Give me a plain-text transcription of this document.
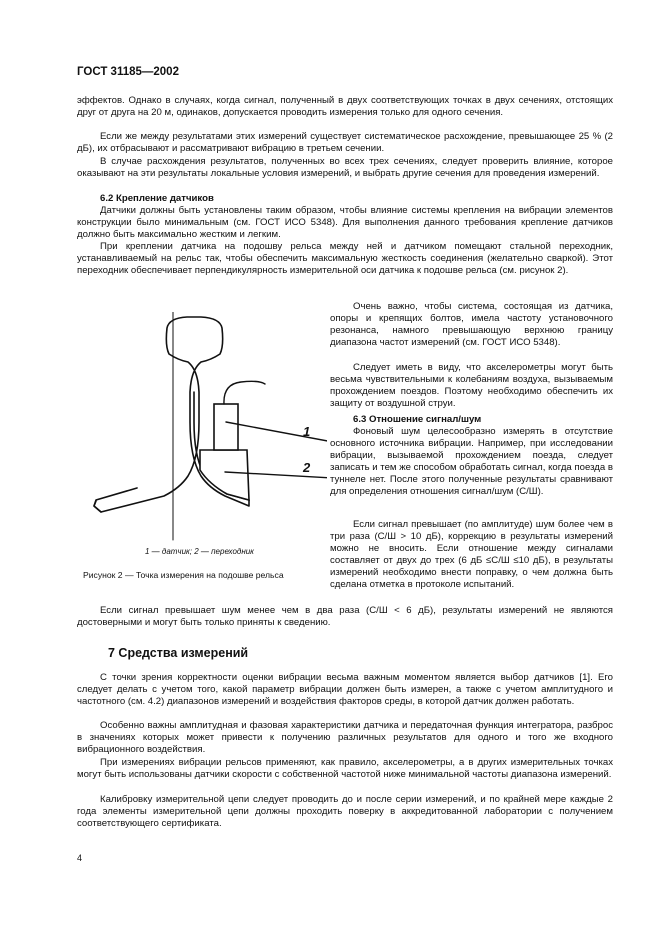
ГОСТ 31185—2002

эффектов. Однако в случаях, когда сигнал, полученный в двух соответствующих точках в двух сечениях, отстоящих друг от друга на 20 м, одинаков, допускается проводить измерения только для одного сечения.

Если же между результатами этих измерений существует систематическое расхождение, превышающее 25 % (2 дБ), их отбрасывают и рассматривают вибрацию в третьем сечении.

В случае расхождения результатов, полученных во всех трех сечениях, следует проверить влияние, которое оказывают на эти результаты локальные условия измерений, и выбрать другие сечения для проведения измерений.

6.2 Крепление датчиков

Датчики должны быть установлены таким образом, чтобы влияние системы крепления на вибрации элементов конструкции было минимальным (см. ГОСТ ИСО 5348). Для выполнения данного требования крепление датчиков должно быть максимально жестким и легким.

При креплении датчика на подошву рельса между ней и датчиком помещают стальной переходник, устанавливаемый на рельс так, чтобы обеспечить максимальную жесткость соединения (желательно сваркой). Этот переходник обеспечивает перпендикулярность измерительной оси датчика к подошве рельса (см. рисунок 2).

Очень важно, чтобы система, состоящая из датчика, опоры и крепящих болтов, имела частоту установочного резонанса, намного превышающую верхнюю границу диапазона частот измерений (см. ГОСТ ИСО 5348).

Следует иметь в виду, что акселерометры могут быть весьма чувствительными к колебаниям воздуха, вызываемым прохождением поездов. Поэтому необходимо обеспечить их защиту от воздушной струи.

6.3 Отношение сигнал/шум

Фоновый шум целесообразно измерять в отсутствие основного источника вибрации. Например, при исследовании вибрации, вызываемой прохождением поезда, следует записать и тем же способом обработать сигнал, когда поезда в туннеле нет. После этого полученные результаты сравнивают для определения отношения сигнал/шум (С/Ш).

Если сигнал превышает (по амплитуде) шум более чем в три раза (С/Ш > 10 дБ), коррекцию в результаты измерений можно не вносить. Если отношение между сигналами составляет от двух до трех (6 дБ ≤С/Ш ≤10 дБ), в результаты измерений необходимо внести поправку, о чем должна быть сделана отметка в протоколе испытаний.

Если сигнал превышает шум менее чем в два раза (С/Ш < 6 дБ), результаты измерений не являются достоверными и могут быть только приняты к сведению.

1
2
1 — датчик; 2 — переходник
Рисунок 2 — Точка измерения на подошве рельса
7 Средства измерений

С точки зрения корректности оценки вибрации весьма важным моментом является выбор датчиков [1]. Его следует делать с учетом того, какой параметр вибрации должен быть измерен, а также с учетом амплитудного и частотного (см. 4.2) диапазонов измерений и воздействия факторов среды, в которой датчик должен работать.

Особенно важны амплитудная и фазовая характеристики датчика и передаточная функция интегратора, разброс в значениях которых может привести к получению различных результатов для одного и того же входного вибрационного воздействия.

При измерениях вибрации рельсов применяют, как правило, акселерометры, а в других измерительных точках могут быть использованы датчики скорости с собственной частотой ниже минимальной частоты диапазона измерений.

Калибровку измерительной цепи следует проводить до и после серии измерений, и по крайней мере каждые 2 года элементы измерительной цепи должны проходить поверку в аккредитованной лаборатории с получением соответствующего сертификата.

4
